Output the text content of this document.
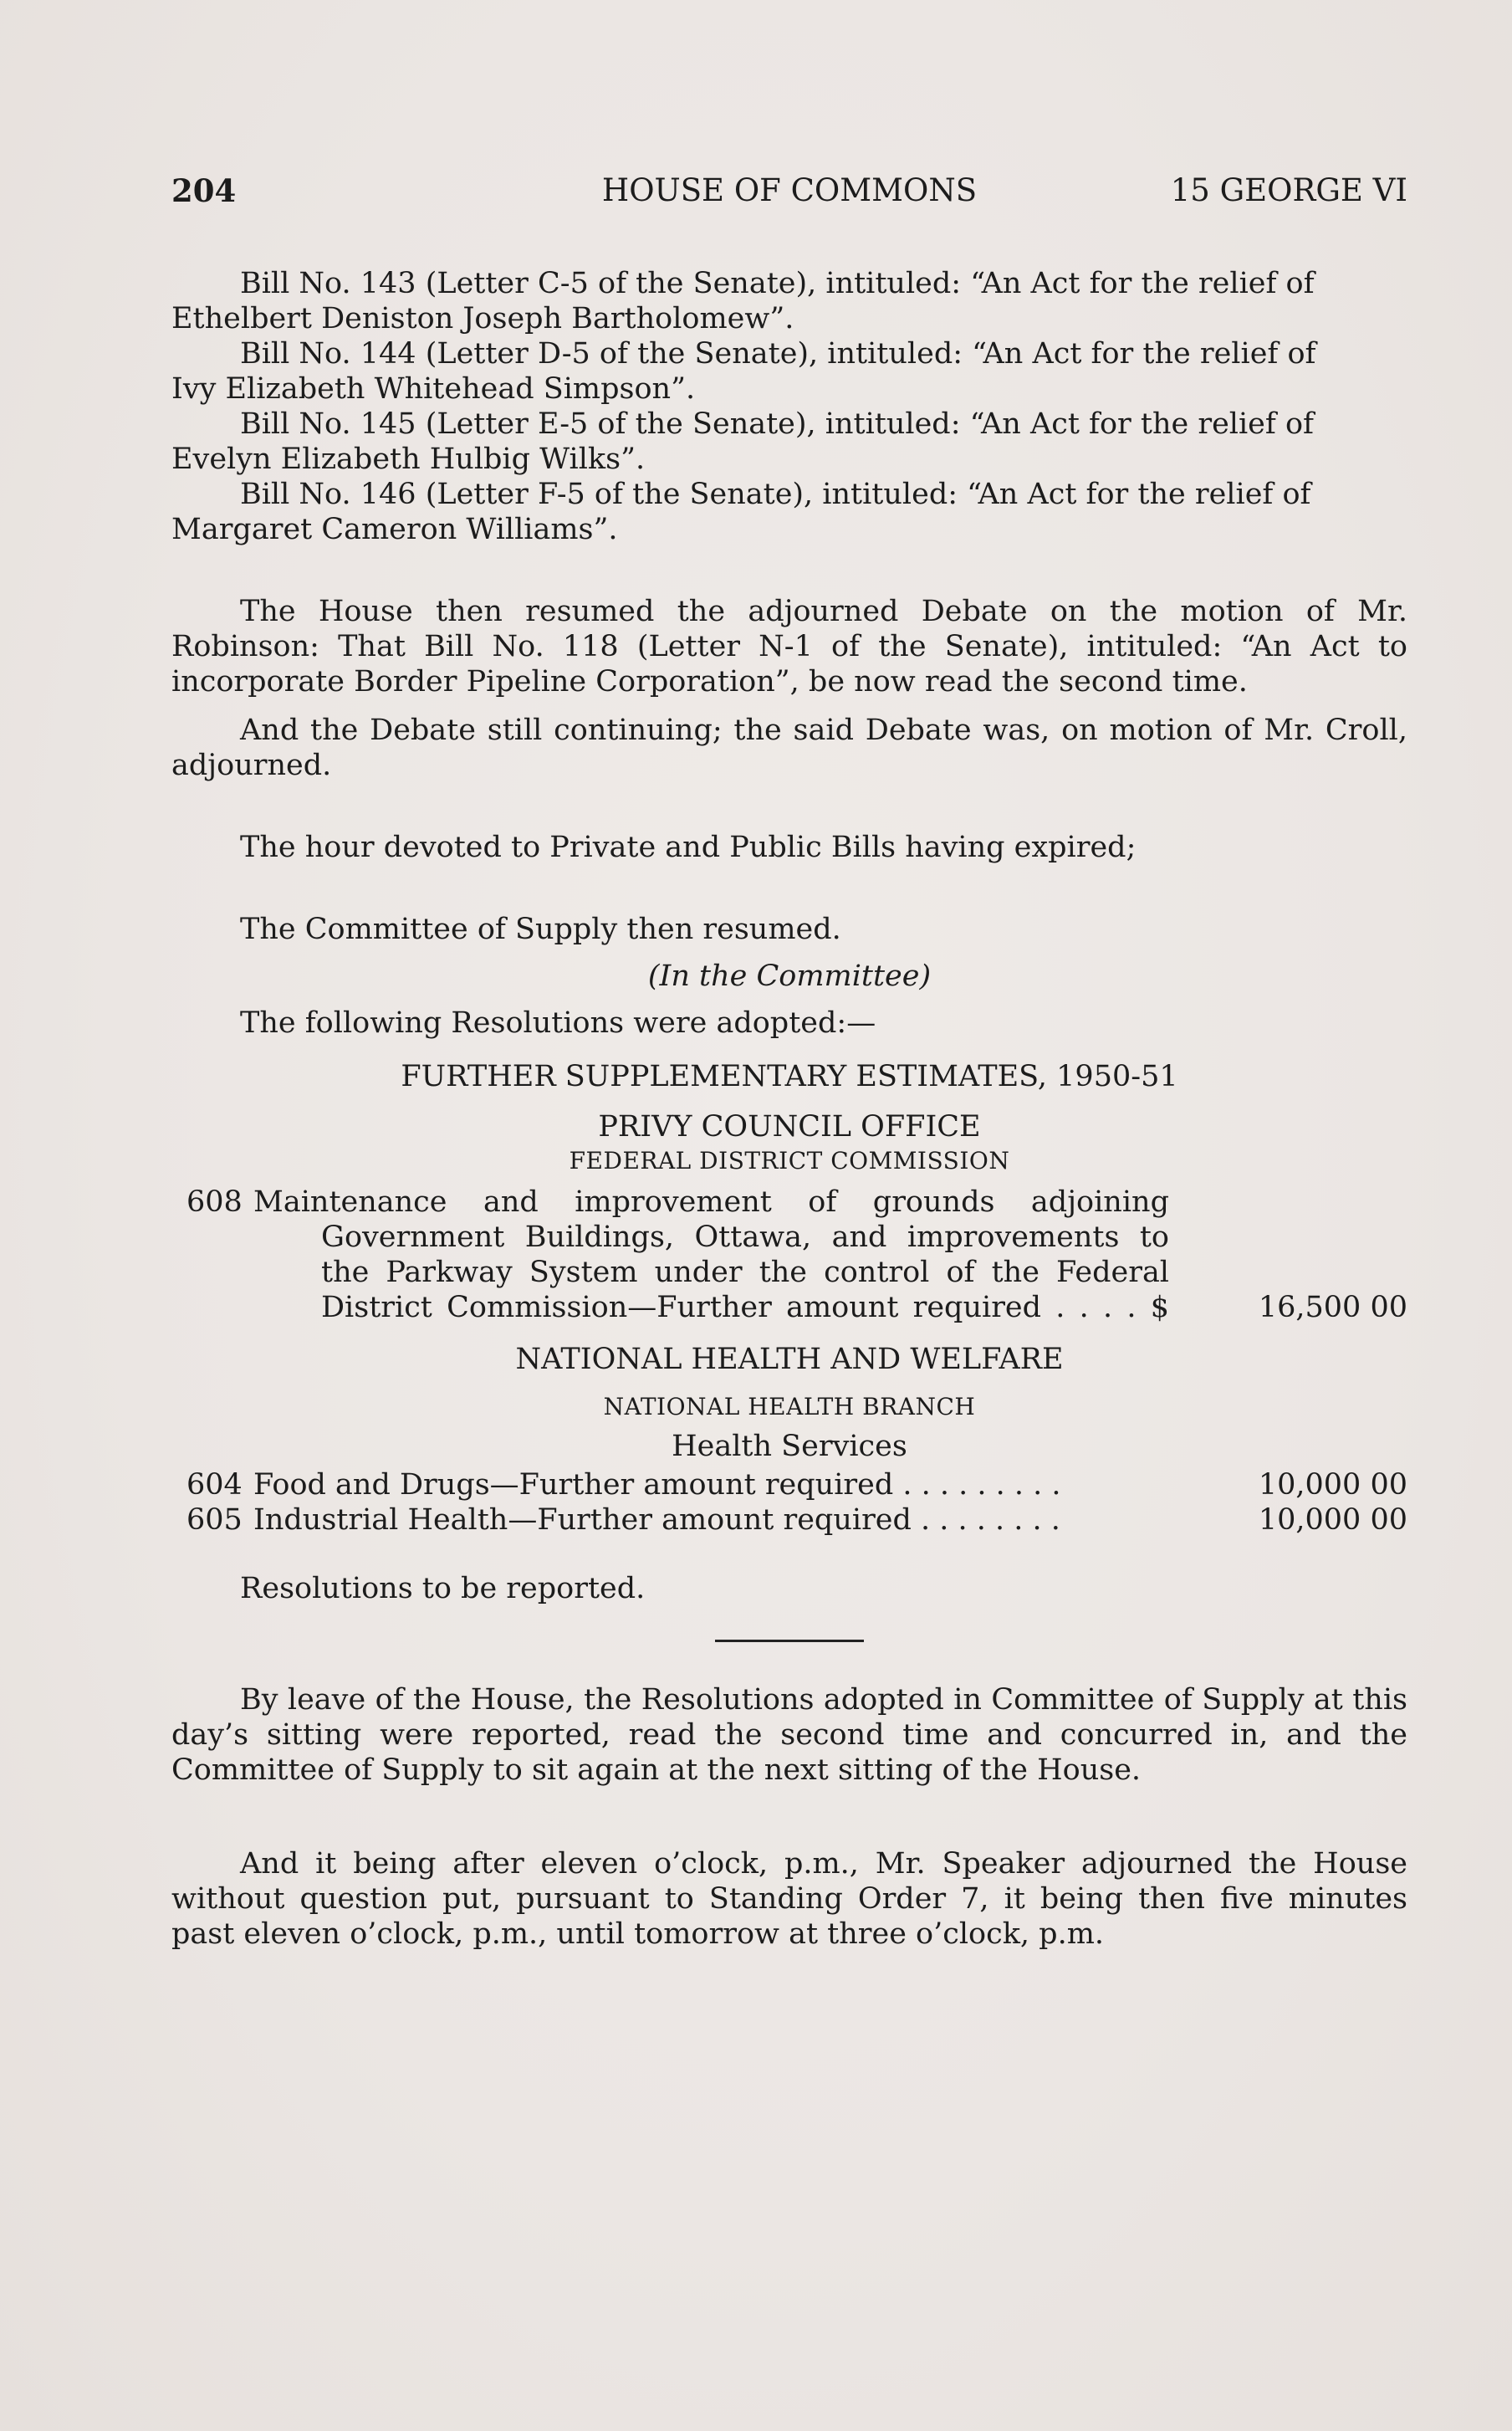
204	HOUSE OF COMMONS	15 GEORGE VI

Bill No. 143 (Letter C-5 of the Senate), intituled: “An Act for the relief of
Ethelbert Deniston Joseph Bartholomew”.

Bill No. 144 (Letter D-5 of the Senate), intituled: “An Act for the relief of
Ivy Elizabeth Whitehead Simpson”.

Bill No. 145 (Letter E-5 of the Senate), intituled: “An Act for the relief of
Evelyn Elizabeth Hulbig Wilks”.

Bill No. 146 (Letter F-5 of the Senate), intituled: “An Act for the relief of
Margaret Cameron Williams”.

The House then resumed the adjourned Debate on the motion of Mr. Robinson: That Bill No. 118 (Letter N-1 of the Senate), intituled: “An Act to incorporate Border Pipeline Corporation”, be now read the second time.

And the Debate still continuing; the said Debate was, on motion of Mr. Croll, adjourned.

The hour devoted to Private and Public Bills having expired;

The Committee of Supply then resumed.

(In the Committee)

The following Resolutions were adopted:—

FURTHER SUPPLEMENTARY ESTIMATES, 1950-51

PRIVY COUNCIL OFFICE

FEDERAL DISTRICT COMMISSION

608 Maintenance and improvement of grounds adjoining
Government Buildings, Ottawa, and improvements to
the Parkway System under the control of the Federal
District Commission—Further amount required . . . . $	16,500 00

NATIONAL HEALTH AND WELFARE

NATIONAL HEALTH BRANCH

Health Services

604 Food and Drugs—Further amount required . . . . . . . . .	10,000 00
605 Industrial Health—Further amount required . . . . . . . .	10,000 00

Resolutions to be reported.

By leave of the House, the Resolutions adopted in Committee of Supply at this day’s sitting were reported, read the second time and concurred in, and the Committee of Supply to sit again at the next sitting of the House.

And it being after eleven o’clock, p.m., Mr. Speaker adjourned the House without question put, pursuant to Standing Order 7, it being then five minutes past eleven o’clock, p.m., until tomorrow at three o’clock, p.m.
